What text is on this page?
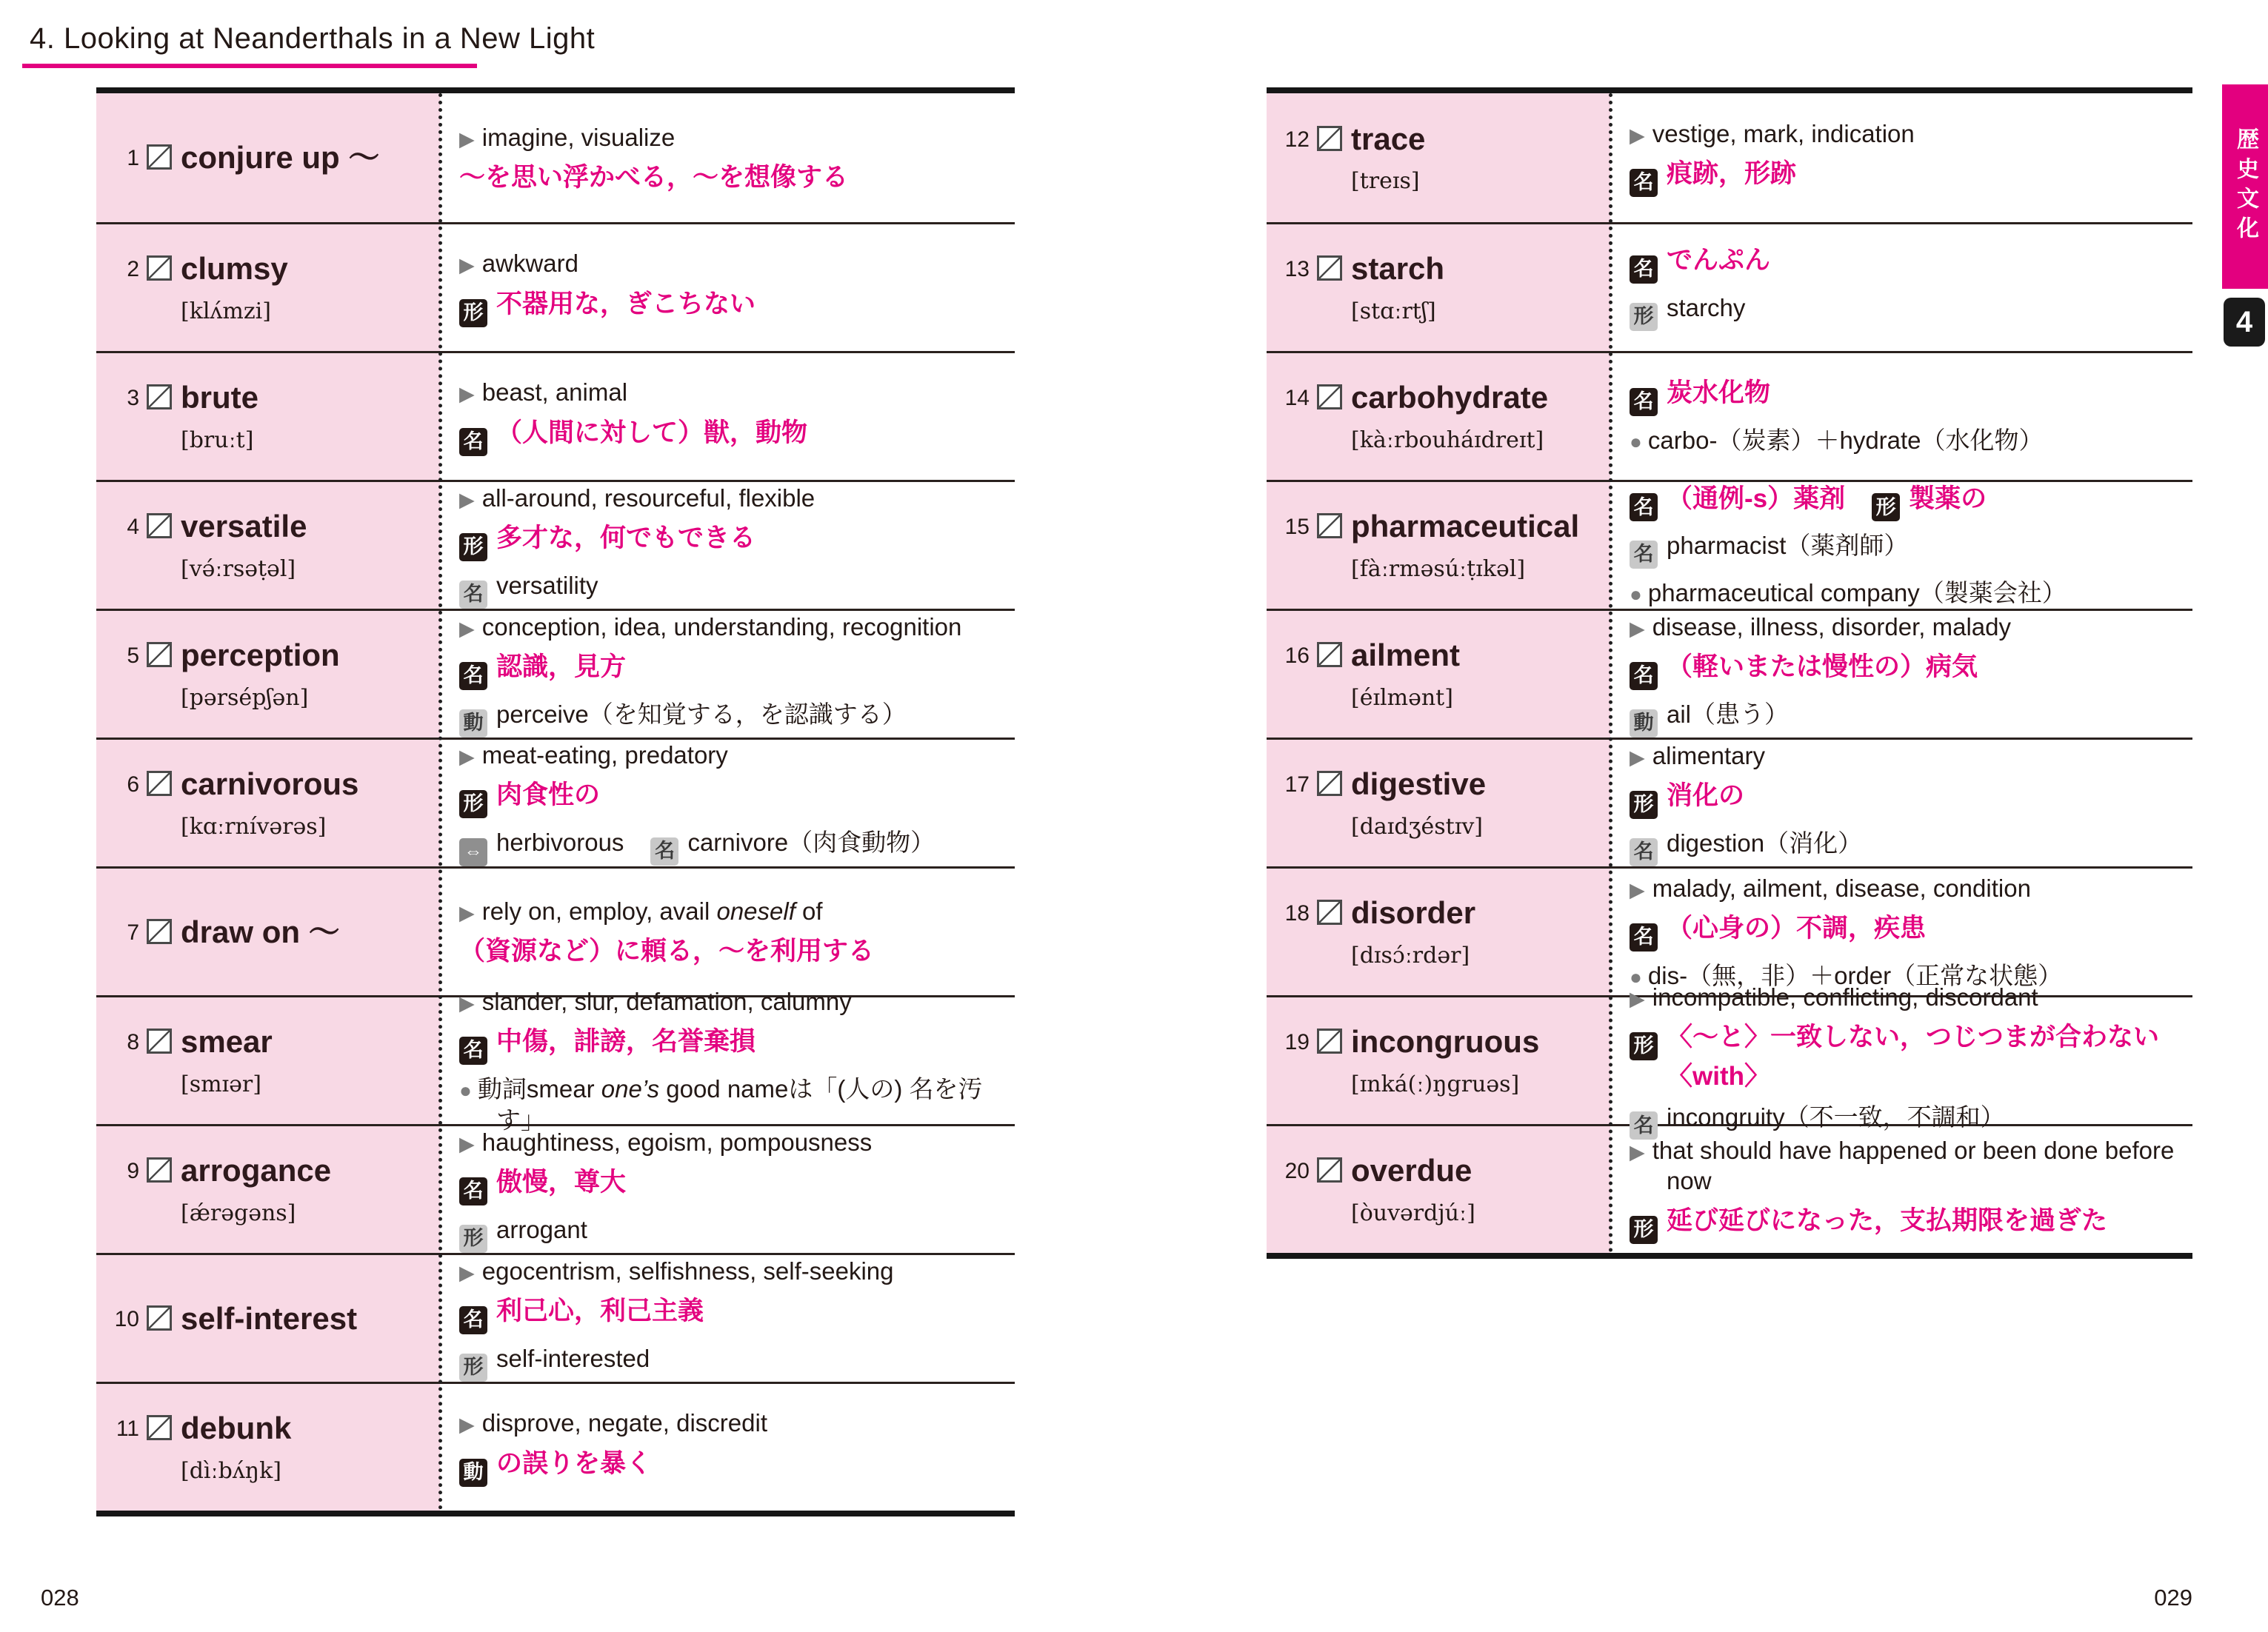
4. Looking at Neanderthals in a New Light
1 conjure up ～
▶ imagine, visualize
～を思い浮かべる，～を想像する
2 clumsy
[klʌ́mzi]
▶ awkward
形 不器用な，ぎこちない
3 brute
[bruːt]
▶ beast, animal
名 （人間に対して）獣，動物
4 versatile
[və́ːrsəṭəl]
▶ all-around, resourceful, flexible
形 多才な，何でもできる
名 versatility
5 perception
[pərsépʃən]
▶ conception, idea, understanding, recognition
名 認識，見方
動 perceive（を知覚する，を認識する）
6 carnivorous
[kɑːrnívərəs]
▶ meat-eating, predatory
形 肉食性の
⇔ herbivorous 名 carnivore（肉食動物）
7 draw on ～
▶ rely on, employ, avail oneself of
（資源など）に頼る，～を利用する
8 smear
[smɪər]
▶ slander, slur, defamation, calumny
名 中傷，誹謗，名誉棄損
● 動詞smear one’s good nameは「(人の) 名を汚す」
9 arrogance
[ǽrəgəns]
▶ haughtiness, egoism, pompousness
名 傲慢，尊大
形 arrogant
10 self-interest
▶ egocentrism, selfishness, self-seeking
名 利己心，利己主義
形 self-interested
11 debunk
[dìːbʌ́ŋk]
▶ disprove, negate, discredit
動 の誤りを暴く
12 trace
[treɪs]
▶ vestige, mark, indication
名 痕跡，形跡
13 starch
[stɑːrtʃ]
名 でんぷん
形 starchy
14 carbohydrate
[kàːrbouháɪdreɪt]
名 炭水化物
● carbo-（炭素）＋hydrate（水化物）
15 pharmaceutical
[fàːrməsúːṭɪkəl]
名 （通例-s）薬剤 形 製薬の
名 pharmacist（薬剤師）
● pharmaceutical company（製薬会社）
16 ailment
[éɪlmənt]
▶ disease, illness, disorder, malady
名 （軽いまたは慢性の）病気
動 ail（患う）
17 digestive
[daɪdʒéstɪv]
▶ alimentary
形 消化の
名 digestion（消化）
18 disorder
[dɪsɔ́ːrdər]
▶ malady, ailment, disease, condition
名 （心身の）不調，疾患
● dis-（無，非）＋order（正常な状態）
19 incongruous
[ɪnká(ː)ŋgruəs]
▶ incompatible, conflicting, discordant
形 〈～と〉一致しない，つじつまが合わない〈with〉
名 incongruity（不一致，不調和）
20 overdue
[òuvərdjúː]
▶ that should have happened or been done before now
形 延び延びになった，支払期限を過ぎた
歴史文化
4
028	029
